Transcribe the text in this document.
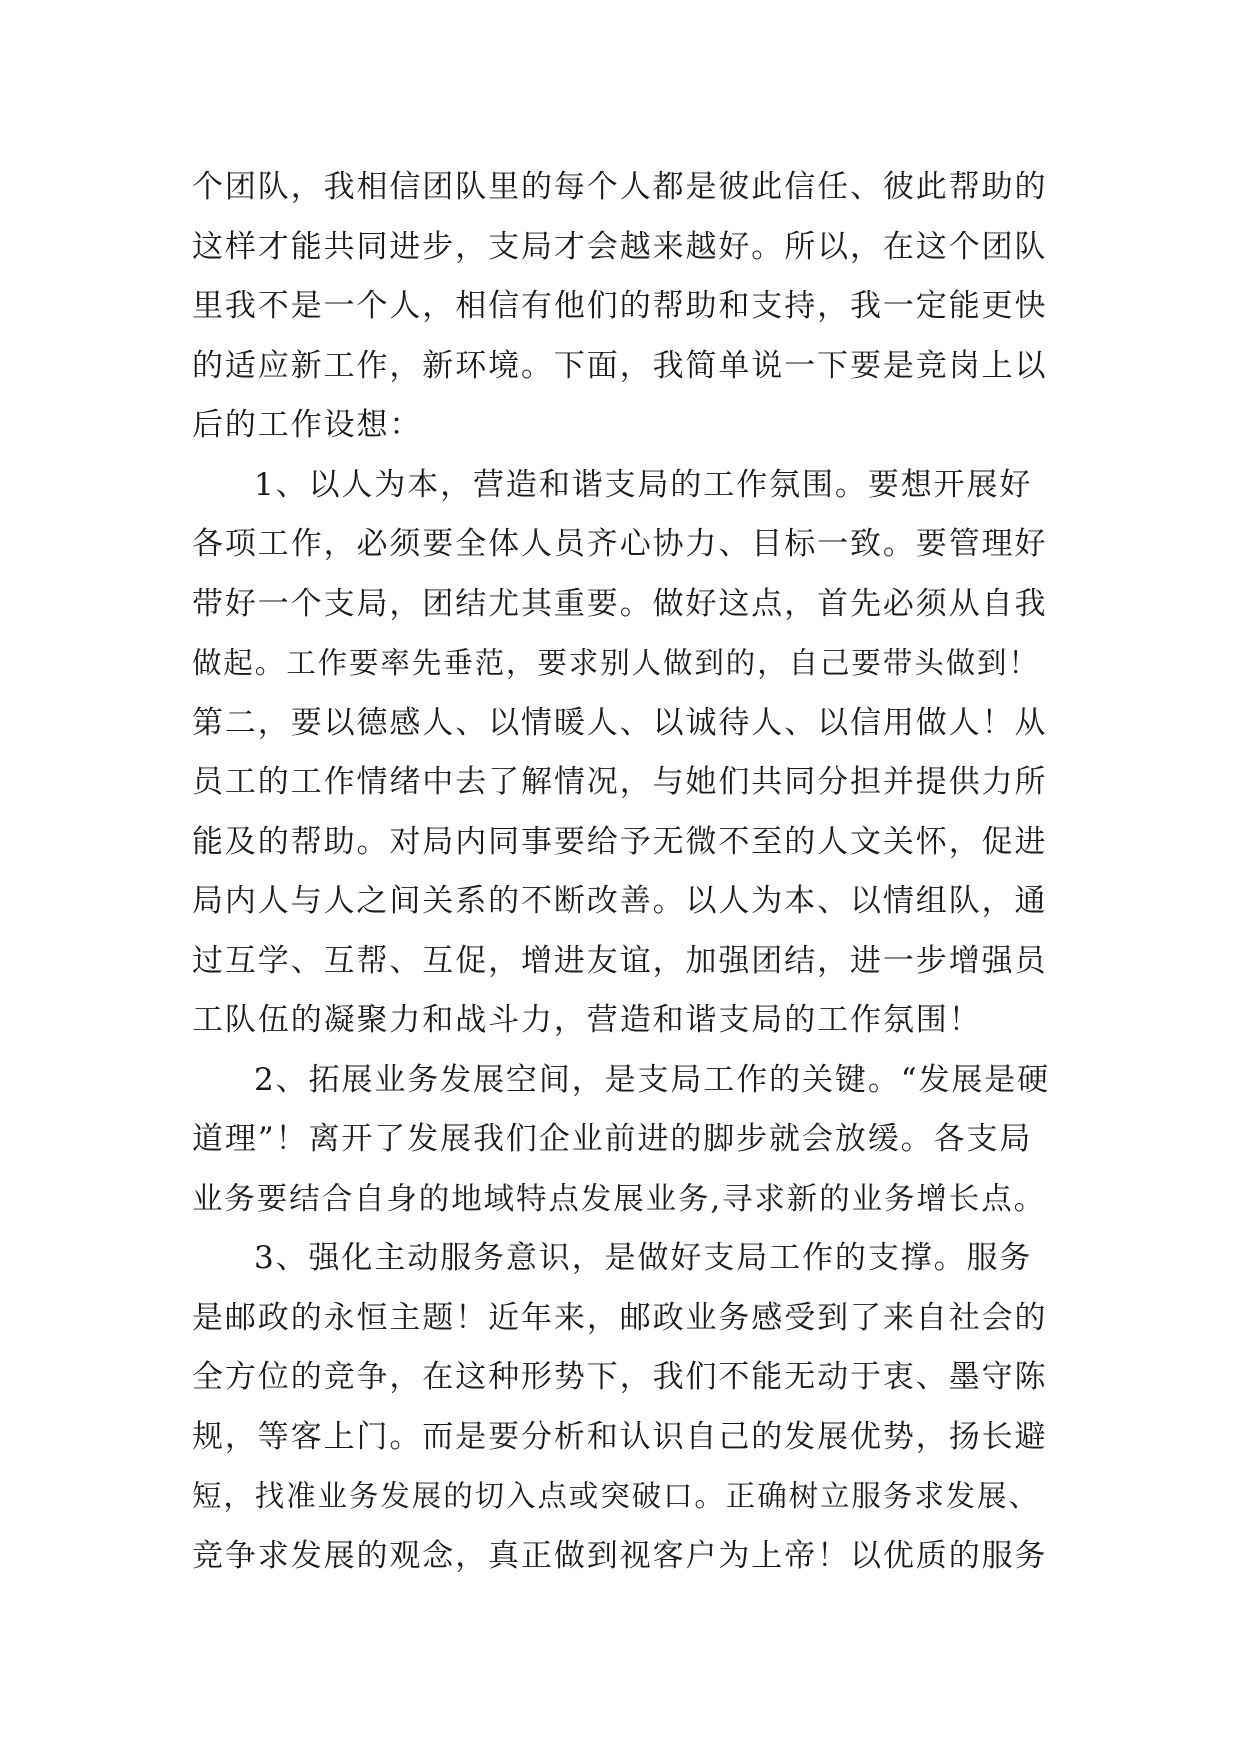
个团队，我相信团队里的每个人都是彼此信任、彼此帮助的
这样才能共同进步，支局才会越来越好。所以，在这个团队
里我不是一个人，相信有他们的帮助和支持，我一定能更快
的适应新工作，新环境。下面，我简单说一下要是竞岗上以
后的工作设想：
1、以人为本，营造和谐支局的工作氛围。要想开展好
各项工作，必须要全体人员齐心协力、目标一致。要管理好
带好一个支局，团结尤其重要。做好这点，首先必须从自我
做起。工作要率先垂范，要求别人做到的，自己要带头做到！
第二，要以德感人、以情暖人、以诚待人、以信用做人！从
员工的工作情绪中去了解情况，与她们共同分担并提供力所
能及的帮助。对局内同事要给予无微不至的人文关怀，促进
局内人与人之间关系的不断改善。以人为本、以情组队，通
过互学、互帮、互促，增进友谊，加强团结，进一步增强员
工队伍的凝聚力和战斗力，营造和谐支局的工作氛围！
2、拓展业务发展空间，是支局工作的关键。“发展是硬
道理”！离开了发展我们企业前进的脚步就会放缓。各支局
业务要结合自身的地域特点发展业务,寻求新的业务增长点。
3、强化主动服务意识，是做好支局工作的支撑。服务
是邮政的永恒主题！近年来，邮政业务感受到了来自社会的
全方位的竞争，在这种形势下，我们不能无动于衷、墨守陈
规，等客上门。而是要分析和认识自己的发展优势，扬长避
短，找准业务发展的切入点或突破口。正确树立服务求发展、
竞争求发展的观念，真正做到视客户为上帝！以优质的服务
